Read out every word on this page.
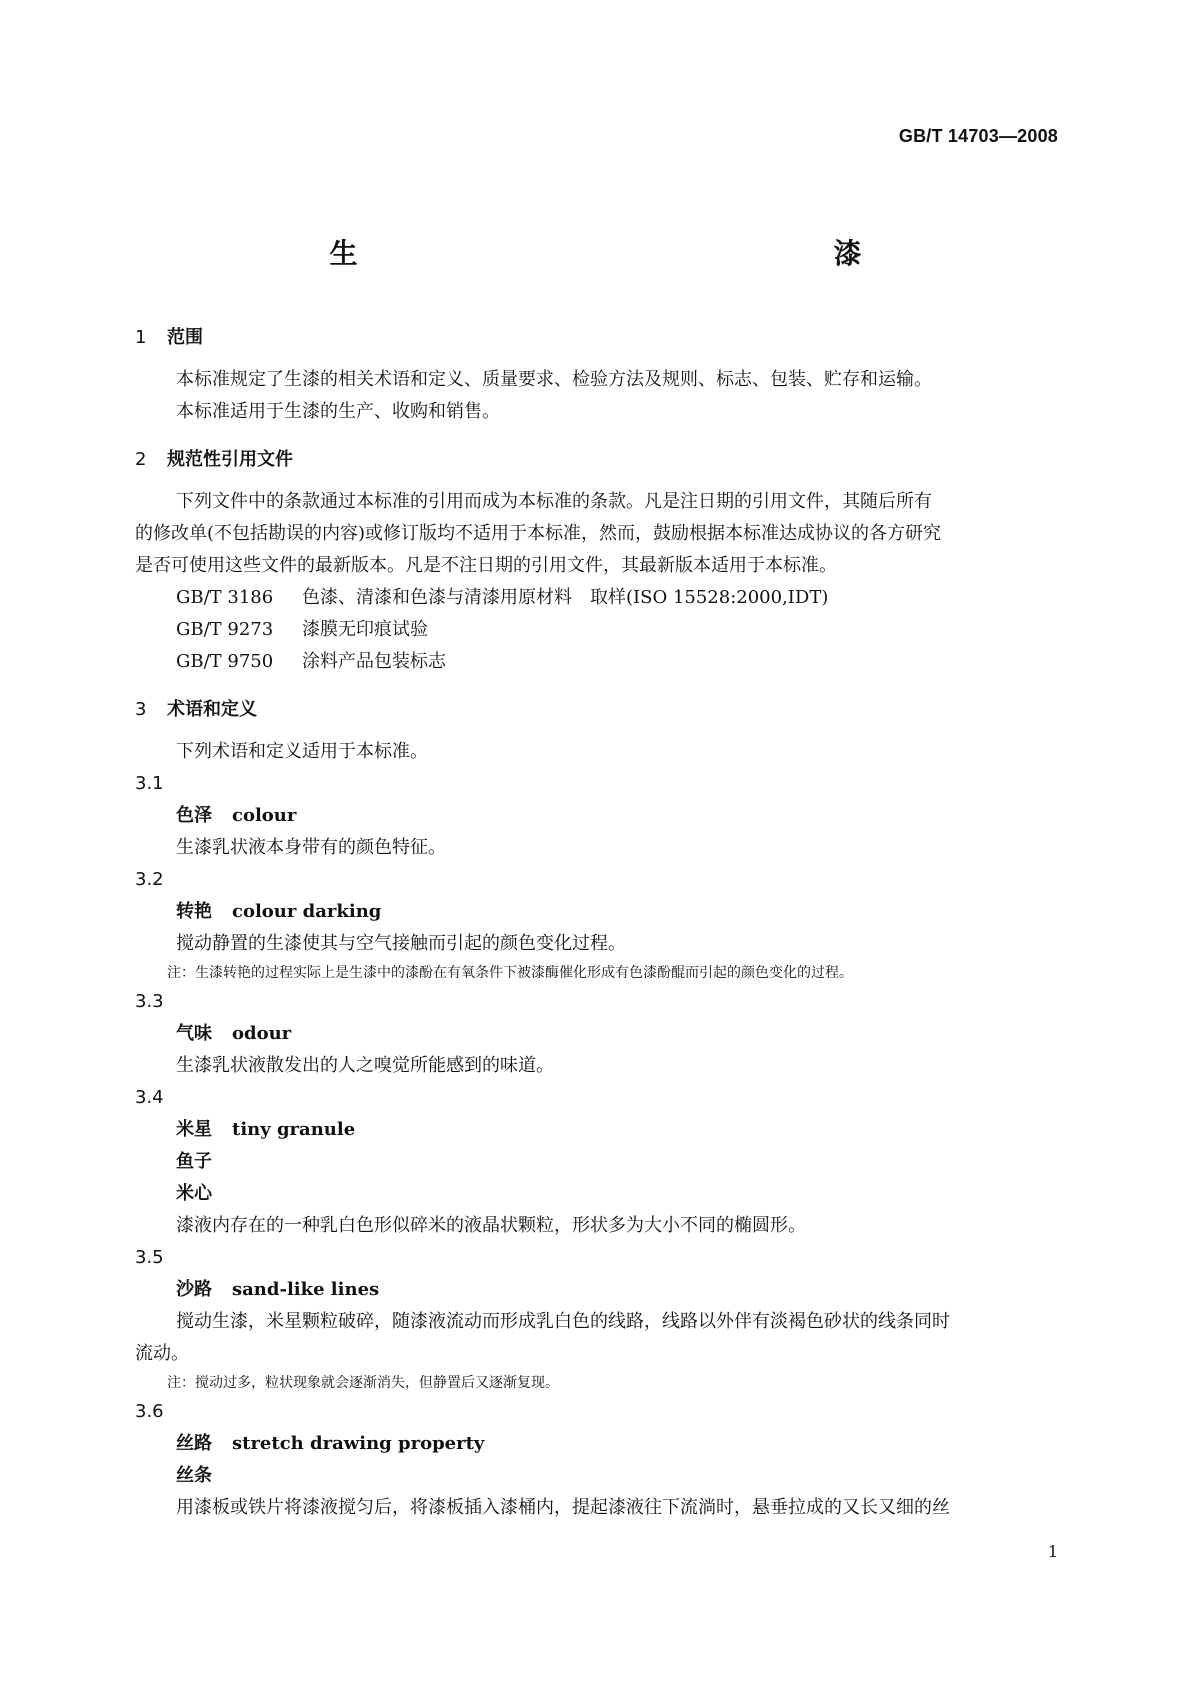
GB/T 14703—2008
生　　漆
1 范围

本标准规定了生漆的相关术语和定义、质量要求、检验方法及规则、标志、包装、贮存和运输。

本标准适用于生漆的生产、收购和销售。

2 规范性引用文件

下列文件中的条款通过本标准的引用而成为本标准的条款。凡是注日期的引用文件，其随后所有

的修改单(不包括勘误的内容)或修订版均不适用于本标准，然而，鼓励根据本标准达成协议的各方研究

是否可使用这些文件的最新版本。凡是不注日期的引用文件，其最新版本适用于本标准。

GB/T 3186 色漆、清漆和色漆与清漆用原材料　取样(ISO 15528:2000,IDT)

GB/T 9273 漆膜无印痕试验

GB/T 9750 涂料产品包装标志

3 术语和定义

下列术语和定义适用于本标准。

3.1

色泽 colour

生漆乳状液本身带有的颜色特征。

3.2

转艳 colour darking

搅动静置的生漆使其与空气接触而引起的颜色变化过程。

注：生漆转艳的过程实际上是生漆中的漆酚在有氧条件下被漆酶催化形成有色漆酚醌而引起的颜色变化的过程。

3.3

气味 odour

生漆乳状液散发出的人之嗅觉所能感到的味道。

3.4

米星 tiny granule

鱼子

米心

漆液内存在的一种乳白色形似碎米的液晶状颗粒，形状多为大小不同的椭圆形。

3.5

沙路 sand-like lines

搅动生漆，米星颗粒破碎，随漆液流动而形成乳白色的线路，线路以外伴有淡褐色砂状的线条同时

流动。

注：搅动过多，粒状现象就会逐渐消失，但静置后又逐渐复现。

3.6

丝路 stretch drawing property

丝条

用漆板或铁片将漆液搅匀后，将漆板插入漆桶内，提起漆液往下流淌时，悬垂拉成的又长又细的丝

1
